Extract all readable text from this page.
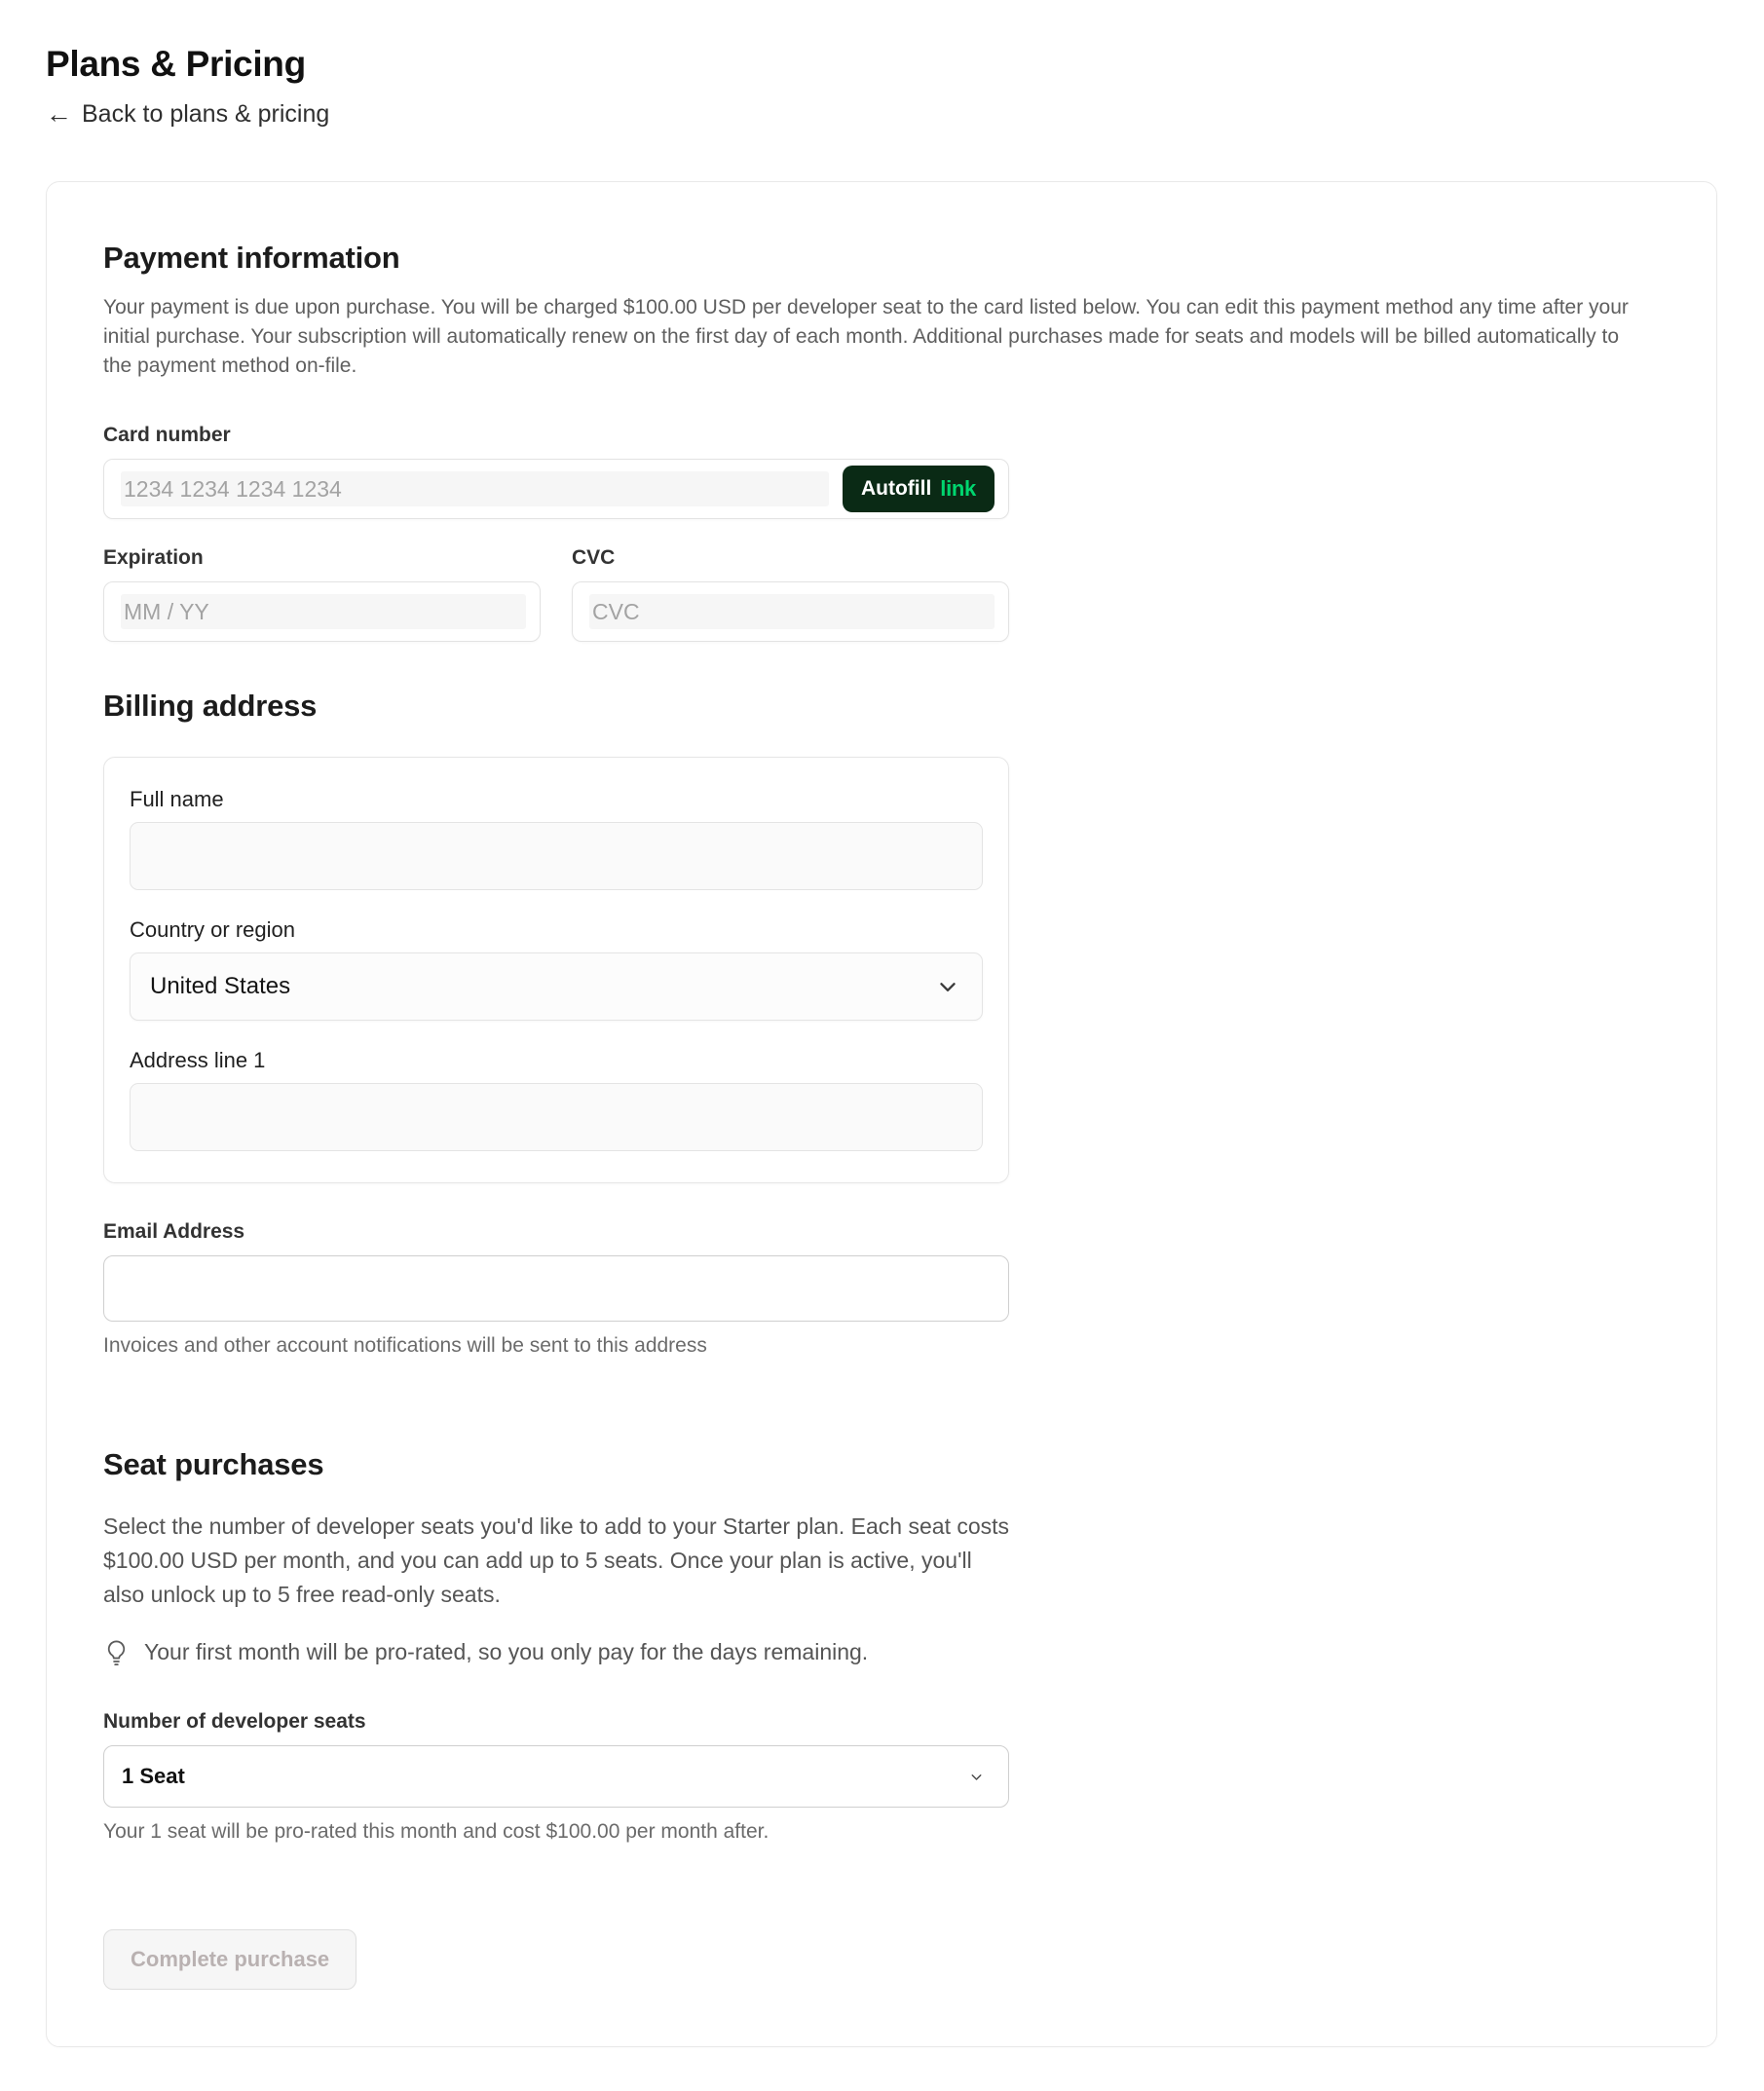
Plans & Pricing
← Back to plans & pricing
Payment information

Your payment is due upon purchase. You will be charged $100.00 USD per developer seat to the card listed below. You can edit this payment method any time after your initial purchase. Your subscription will automatically renew on the first day of each month. Additional purchases made for seats and models will be billed automatically to the payment method on-file.

Card number
1234 1234 1234 1234	Autofill link
Expiration
MM / YY
CVC
CVC
Billing address
Full name
Country or region
United States
Address line 1
Email Address
Invoices and other account notifications will be sent to this address
Seat purchases

Select the number of developer seats you'd like to add to your Starter plan. Each seat costs $100.00 USD per month, and you can add up to 5 seats. Once your plan is active, you'll also unlock up to 5 free read-only seats.

Your first month will be pro-rated, so you only pay for the days remaining.
Number of developer seats
1 Seat
Your 1 seat will be pro-rated this month and cost $100.00 per month after.
Complete purchase
